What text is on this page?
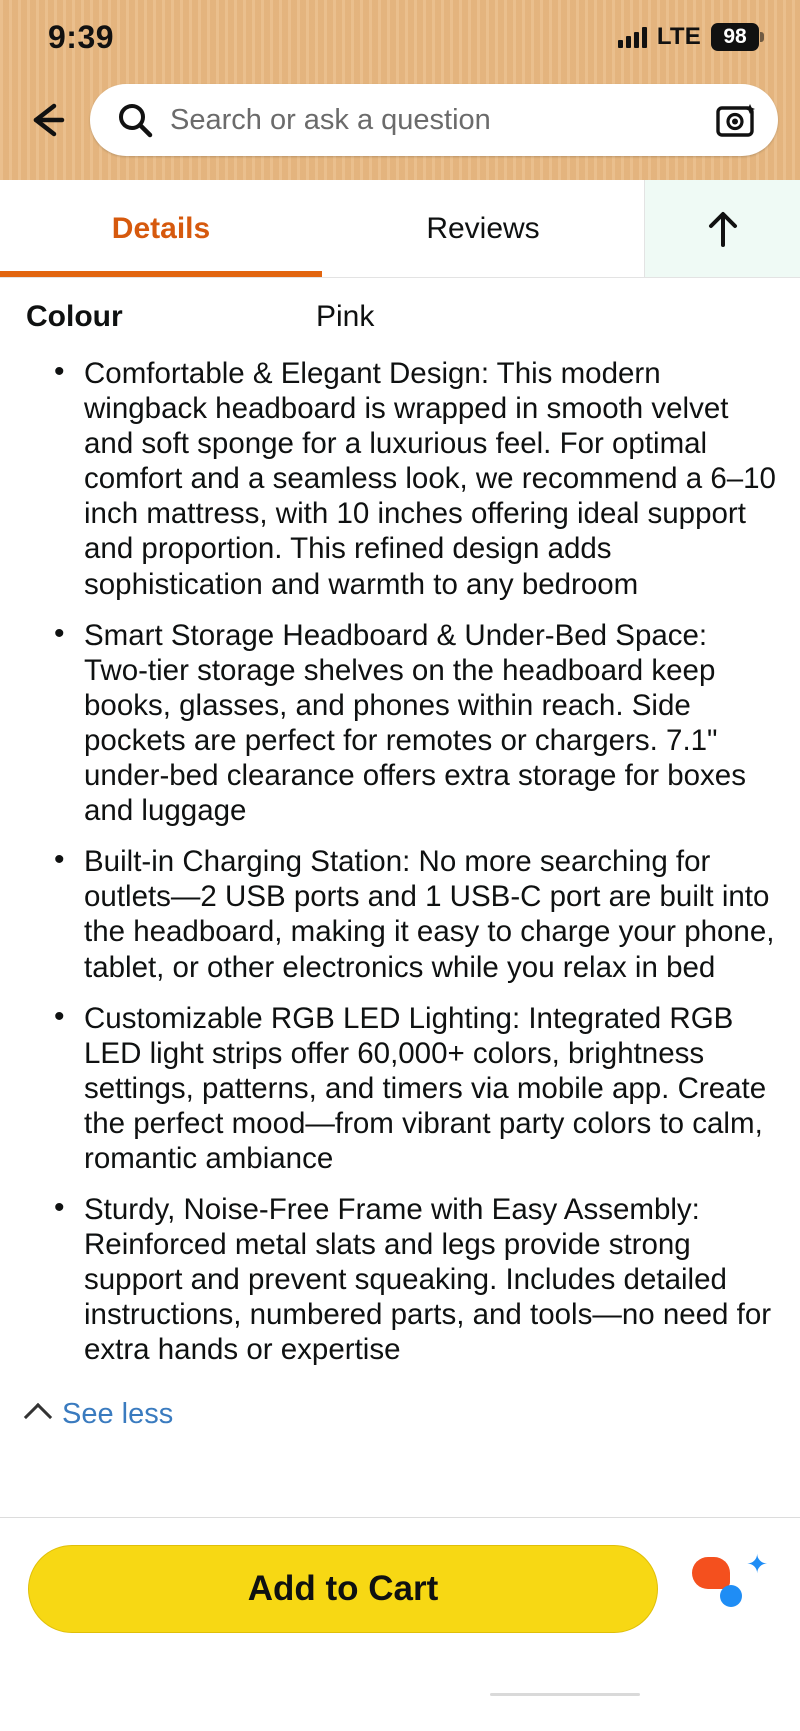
9:39	LTE	98
Search or ask a question
Details	Reviews
Colour	Pink
• Comfortable & Elegant Design: This modern wingback headboard is wrapped in smooth velvet and soft sponge for a luxurious feel. For optimal comfort and a seamless look, we recommend a 6–10 inch mattress, with 10 inches offering ideal support and proportion. This refined design adds sophistication and warmth to any bedroom
• Smart Storage Headboard & Under-Bed Space: Two-tier storage shelves on the headboard keep books, glasses, and phones within reach. Side pockets are perfect for remotes or chargers. 7.1" under-bed clearance offers extra storage for boxes and luggage
• Built-in Charging Station: No more searching for outlets—2 USB ports and 1 USB-C port are built into the headboard, making it easy to charge your phone, tablet, or other electronics while you relax in bed
• Customizable RGB LED Lighting: Integrated RGB LED light strips offer 60,000+ colors, brightness settings, patterns, and timers via mobile app. Create the perfect mood—from vibrant party colors to calm, romantic ambiance
• Sturdy, Noise-Free Frame with Easy Assembly: Reinforced metal slats and legs provide strong support and prevent squeaking. Includes detailed instructions, numbered parts, and tools—no need for extra hands or expertise
See less
Add to Cart
✦
